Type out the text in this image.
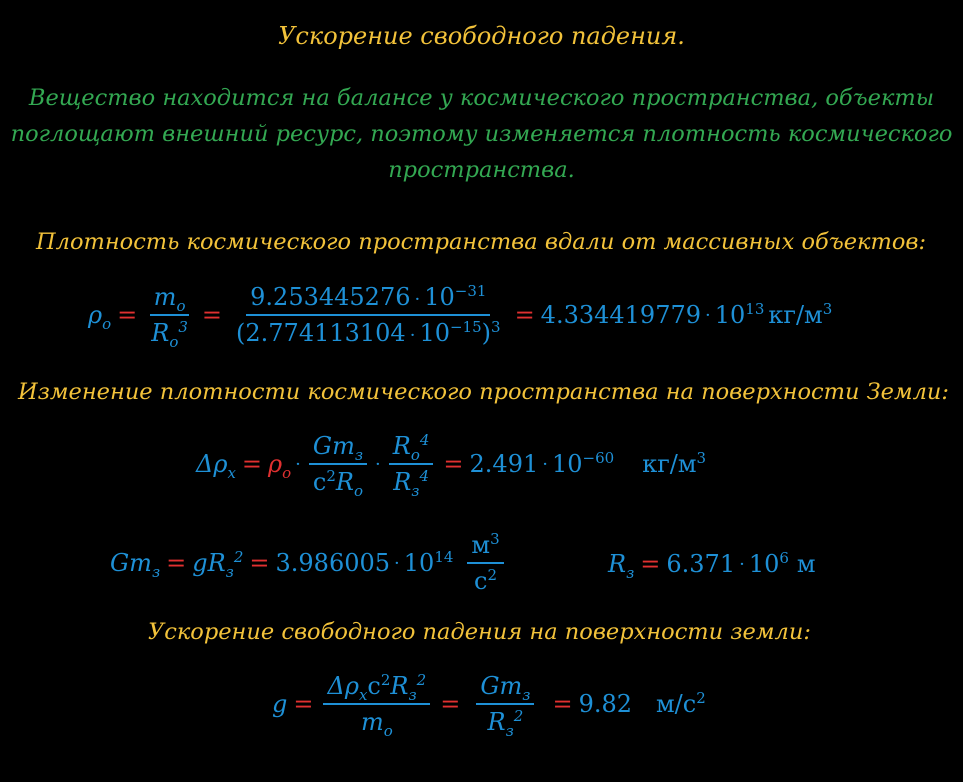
Ускорение свободного падения.
Вещество находится на балансе у космического пространства, объекты
поглощают внешний ресурс, поэтому изменяется плотность космического
пространства.
Плотность космического пространства вдали от массивных объектов:
$\rho_o = \frac{m_o}{R_o^3} = \frac{9.253445276 \cdot 10^{-31}}{(2.774113104 \cdot 10^{-15})^3} = 4.334419779 \cdot 10^{13}$ $кг/м^3$
Изменение плотности космического пространства на поверхности Земли:
$\Delta\rho_x = \rho_o \cdot \frac{Gm_з}{c^2R_o} \cdot \frac{R_o^4}{R_з^4} = 2.491 \cdot 10^{-60}$ $кг/м^3$
$Gm_з = gR_з^2 = 3.986005 \cdot 10^{14} \frac{м^3}{с^2}$	$R_з = 6.371 \cdot 10^6$ м
Ускорение свободного падения на поверхности земли:
$g = \frac{\Delta\rho_xc^2R_з^2}{m_o} = \frac{Gm_з}{R_з^2} = 9.82$ $м/с^2$
